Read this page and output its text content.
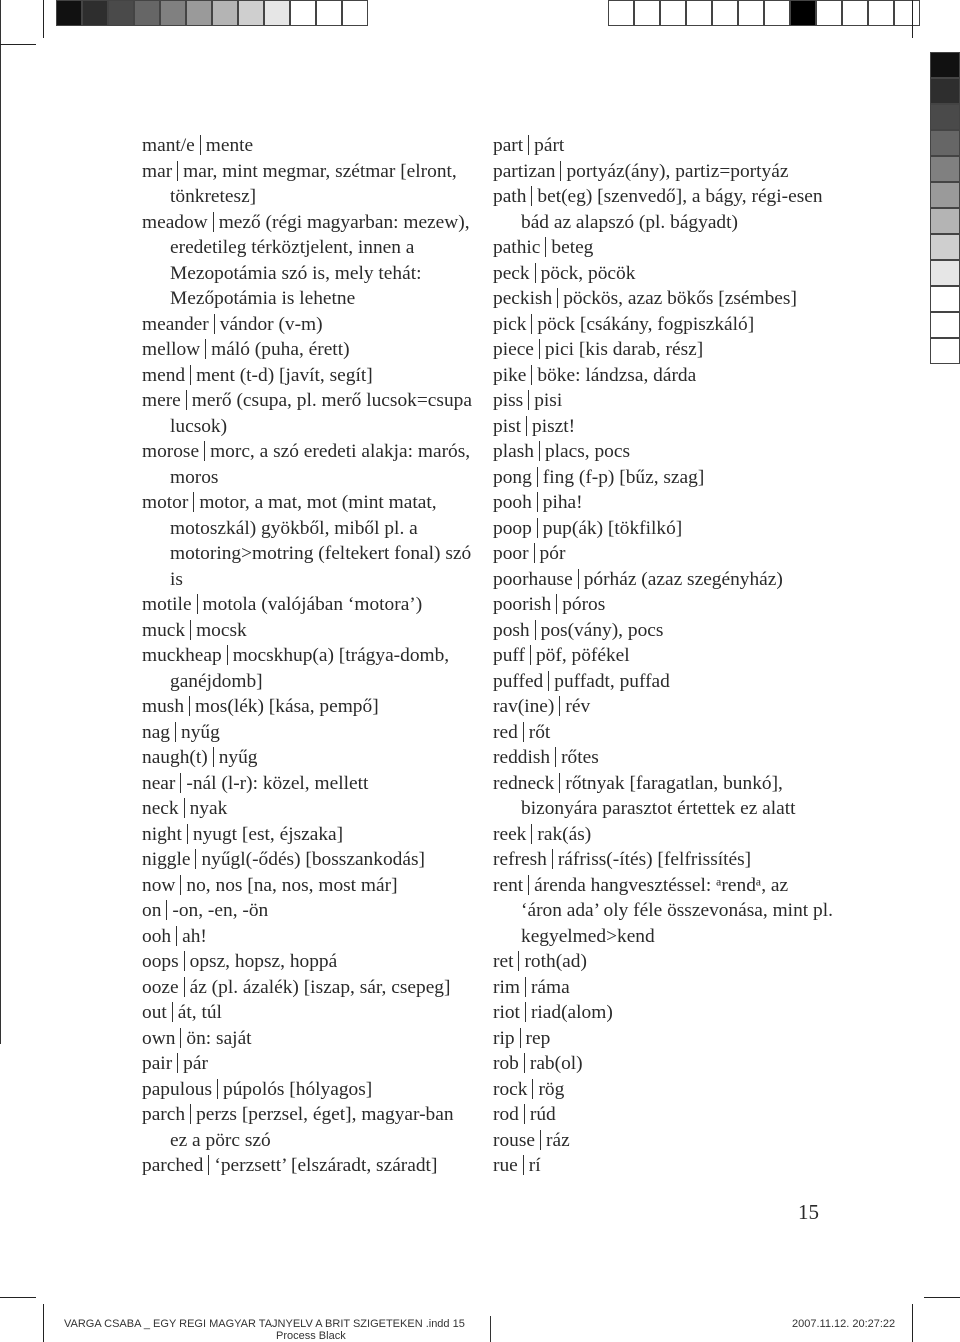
mant/e mente

mar mar, mint megmar, szétmar [elront, tönkretesz]

meadow mező (régi magyarban: mezew), eredetileg térköztjelent, innen a Mezopotámia szó is, mely tehát: Mezőpotámia is lehetne

meander vándor (v-m)

mellow máló (puha, érett)

mend ment (t-d) [javít, segít]

mere merő (csupa, pl. merő lucsok=csupa lucsok)

morose morc, a szó eredeti alakja: marós, moros

motor motor, a mat, mot (mint matat, motoszkál) gyökből, miből pl. a motoring>motring (feltekert fonal) szó is

motile motola (valójában ‘motora’)

muck mocsk

muckheap mocskhup(a) [trágya-domb, ganéjdomb]

mush mos(lék) [kása, pempő]

nag nyűg

naugh(t) nyűg

near -nál (l-r): közel, mellett

neck nyak

night nyugt [est, éjszaka]

niggle nyűgl(-ődés) [bosszankodás]

now no, nos [na, nos, most már]

on -on, -en, -ön

ooh ah!

oops opsz, hopsz, hoppá

ooze áz (pl. ázalék) [iszap, sár, csepeg]

out át, túl

own ön: saját

pair pár

papulous púpolós [hólyagos]

parch perzs [perzsel, éget], magyar-ban ez a pörc szó

parched ‘perzsett’ [elszáradt, száradt]

part párt

partizan portyáz(ány), partiz=portyáz

path bet(eg) [szenvedő], a bágy, régi-esen bád az alapszó (pl. bágyadt)

pathic beteg

peck pöck, pöcök

peckish pöckös, azaz bökős [zsémbes]

pick pöck [csákány, fogpiszkáló]

piece pici [kis darab, rész]

pike böke: lándzsa, dárda

piss pisi

pist piszt!

plash placs, pocs

pong fing (f-p) [bűz, szag]

pooh piha!

poop pup(ák) [tökfilkó]

poor pór

poorhause pórház (azaz szegényház)

poorish póros

posh pos(vány), pocs

puff pöf, pöfékel

puffed puffadt, puffad

rav(ine) rév

red rőt

reddish rőtes

redneck rőtnyak [faragatlan, bunkó], bizonyára parasztot értettek ez alatt

reek rak(ás)

refresh ráfriss(-ítés) [felfrissítés]

rent árenda hangvesztéssel: ᵃrendᵃ, az ‘áron ada’ oly féle összevonása, mint pl. kegyelmed>kend

ret roth(ad)

rim ráma

riot riad(alom)

rip rep

rob rab(ol)

rock rög

rod rúd

rouse ráz

rue rí

15
VARGA CSABA _ EGY REGI MAGYAR TAJNYELV A BRIT SZIGETEKEN .indd 15
Process Black
2007.11.12. 20:27:22
